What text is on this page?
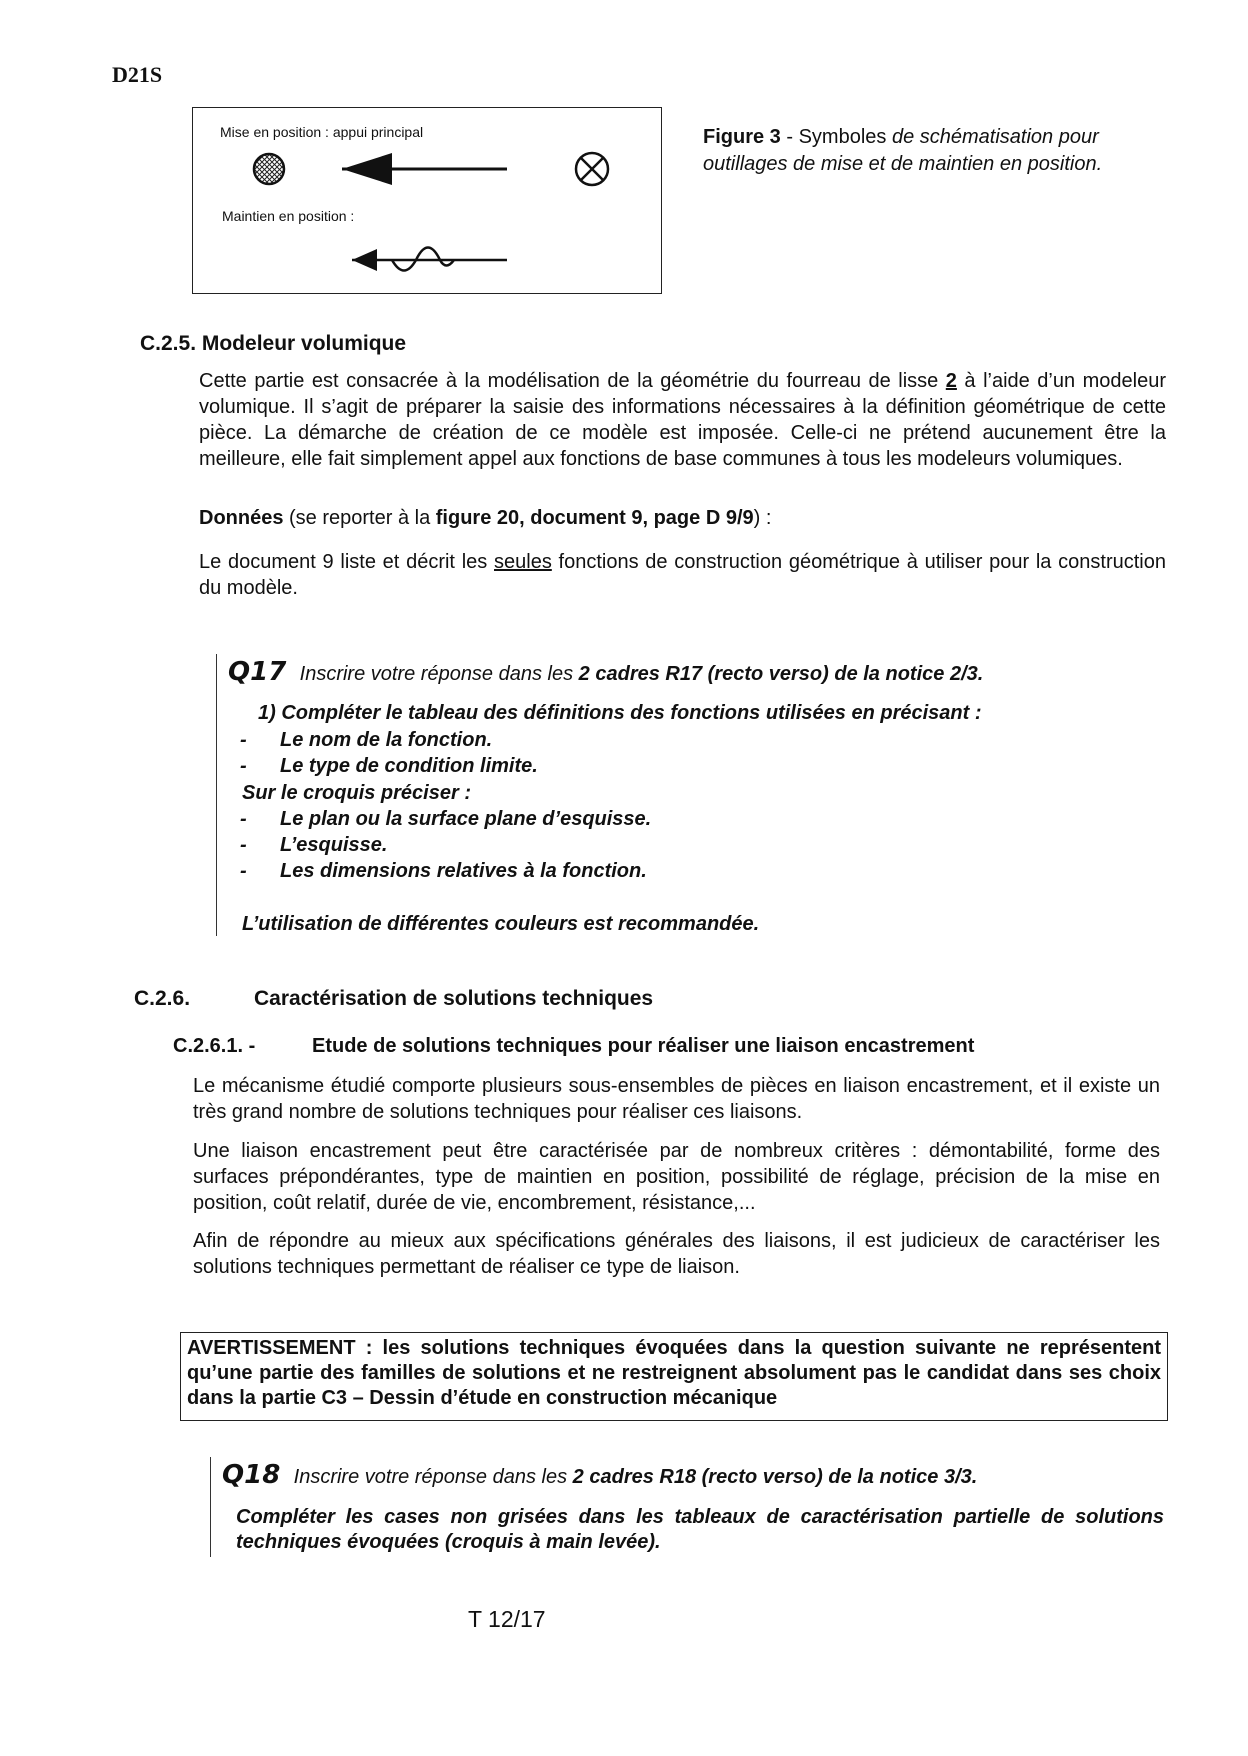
D21S
Mise en position : appui principal
Maintien en position :
Figure 3 - Symboles de schématisation pour outillages de mise et de maintien en position.
C.2.5. Modeleur volumique
Cette partie est consacrée à la modélisation de la géométrie du fourreau de lisse 2 à l’aide d’un modeleur volumique. Il s’agit de préparer la saisie des informations nécessaires à la définition géométrique de cette pièce. La démarche de création de ce modèle est imposée. Celle-ci ne prétend aucunement être la meilleure, elle fait simplement appel aux fonctions de base communes à tous les modeleurs volumiques.
Données (se reporter à la figure 20, document 9, page D 9/9) :
Le document 9 liste et décrit les seules fonctions de construction géométrique à utiliser pour la construction du modèle.
Q17 Inscrire votre réponse dans les 2 cadres R17 (recto verso) de la notice 2/3.
1) Compléter le tableau des définitions des fonctions utilisées en précisant :
- Le nom de la fonction.
- Le type de condition limite.
Sur le croquis préciser :
- Le plan ou la surface plane d’esquisse.
- L’esquisse.
- Les dimensions relatives à la fonction.
L’utilisation de différentes couleurs est recommandée.
C.2.6.	Caractérisation de solutions techniques
C.2.6.1. -	Etude de solutions techniques pour réaliser une liaison encastrement
Le mécanisme étudié comporte plusieurs sous-ensembles de pièces en liaison encastrement, et il existe un très grand nombre de solutions techniques pour réaliser ces liaisons.
Une liaison encastrement peut être caractérisée par de nombreux critères : démontabilité, forme des surfaces prépondérantes, type de maintien en position, possibilité de réglage, précision de la mise en position, coût relatif, durée de vie, encombrement, résistance,...
Afin de répondre au mieux aux spécifications générales des liaisons, il est judicieux de caractériser les solutions techniques permettant de réaliser ce type de liaison.
AVERTISSEMENT : les solutions techniques évoquées dans la question suivante ne représentent qu’une partie des familles de solutions et ne restreignent absolument pas le candidat dans ses choix dans la partie C3 – Dessin d’étude en construction mécanique
Q18 Inscrire votre réponse dans les 2 cadres R18 (recto verso) de la notice 3/3.
Compléter les cases non grisées dans les tableaux de caractérisation partielle de solutions techniques évoquées (croquis à main levée).
T 12/17
